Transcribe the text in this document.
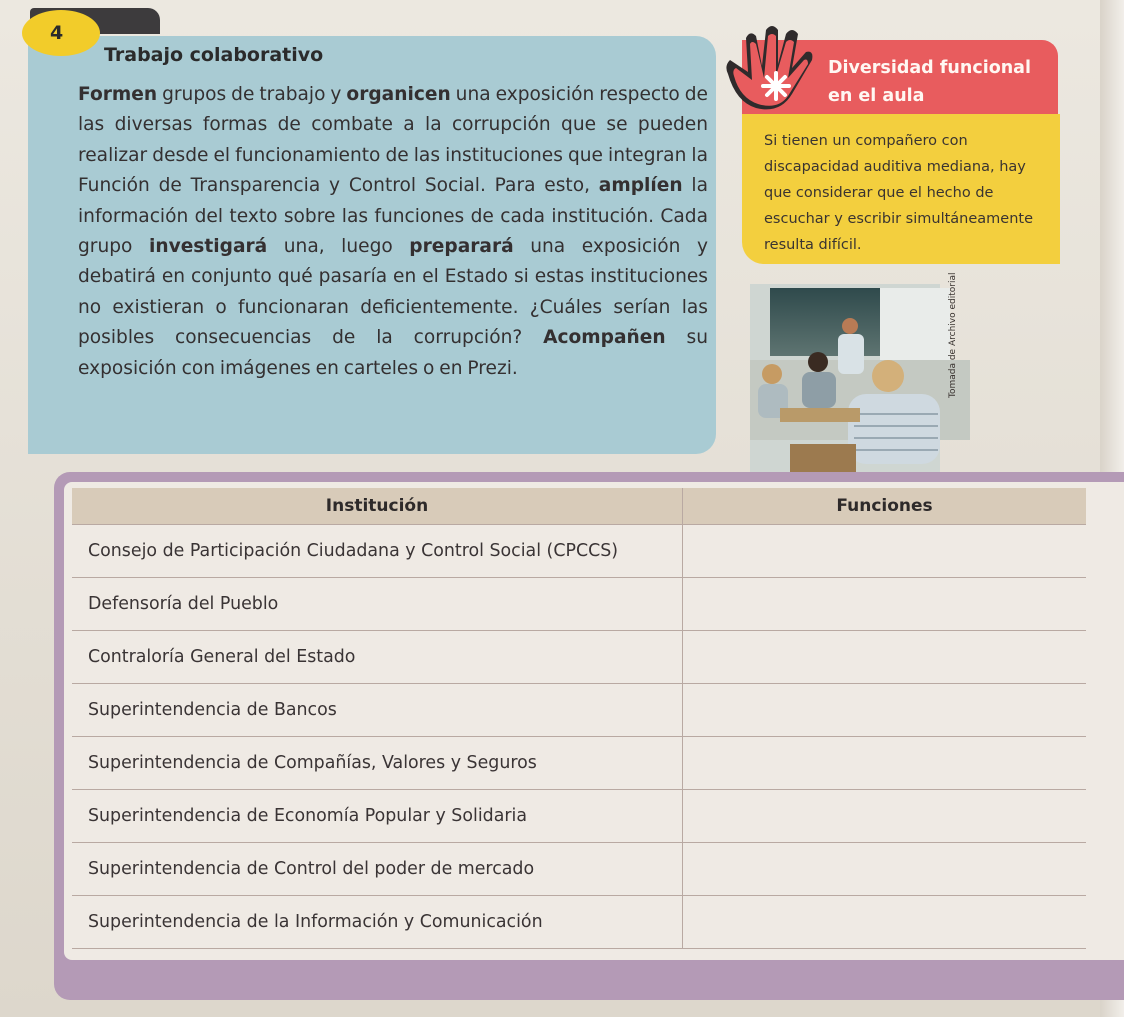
4
Trabajo colaborativo
Formen grupos de trabajo y organicen una exposición respecto de las diversas formas de combate a la corrupción que se pueden realizar desde el funcionamiento de las instituciones que integran la Función de Transparencia y Control Social. Para esto, amplíen la información del texto sobre las funciones de cada institución. Cada grupo investigará una, luego preparará una exposición y debatirá en conjunto qué pasaría en el Estado si estas instituciones no existieran o funcionaran deficientemente. ¿Cuáles serían las posibles consecuencias de la corrupción? Acompañen su exposición con imágenes en carteles o en Prezi.
Diversidad funcional
en el aula
Si tienen un compañero con discapacidad auditiva mediana, hay que considerar que el hecho de escuchar y escribir simultáneamente resulta difícil.
Tomada de Archivo editorial
Institución	Funciones
Consejo de Participación Ciudadana y Control Social (CPCCS)	
Defensoría del Pueblo	
Contraloría General del Estado	
Superintendencia de Bancos	
Superintendencia de Compañías, Valores y Seguros	
Superintendencia de Economía Popular y Solidaria	
Superintendencia de Control del poder de mercado	
Superintendencia de la Información y Comunicación	
